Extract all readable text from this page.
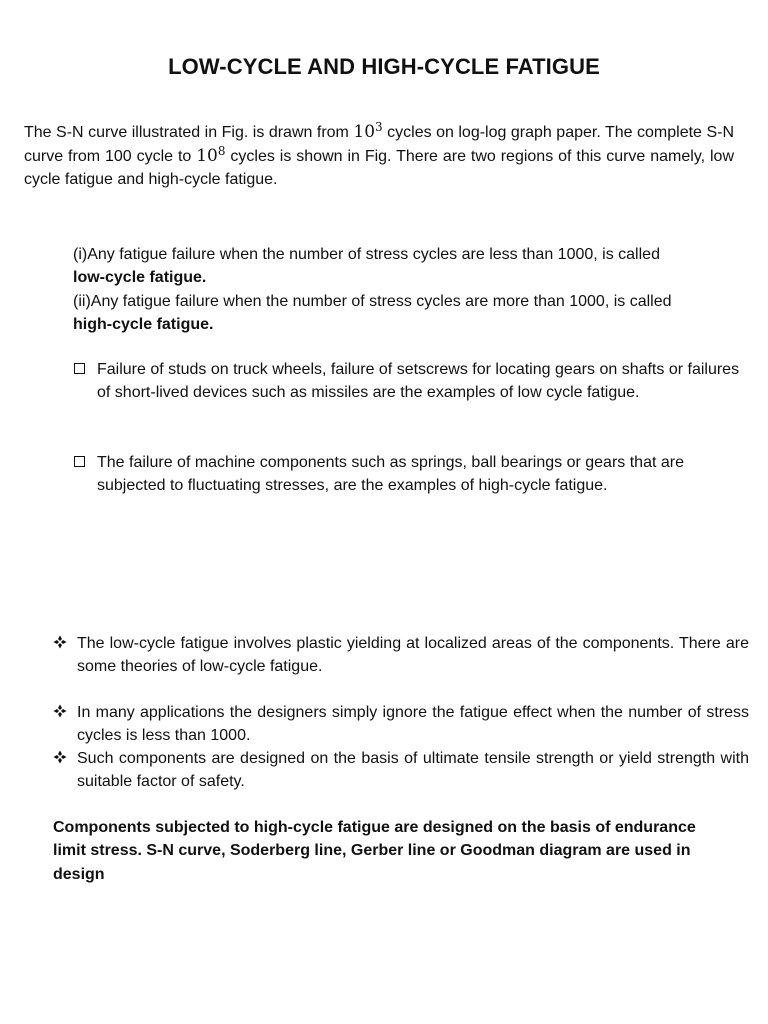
LOW-CYCLE AND HIGH-CYCLE FATIGUE
The S-N curve illustrated in Fig. is drawn from $10^3$ cycles on log-log graph paper. The complete S-N curve from 100 cycle to $10^8$ cycles is shown in Fig. There are two regions of this curve namely, low cycle fatigue and high-cycle fatigue.
(i)Any fatigue failure when the number of stress cycles are less than 1000, is called
low-cycle fatigue.
(ii)Any fatigue failure when the number of stress cycles are more than 1000, is called
high-cycle fatigue.
Failure of studs on truck wheels, failure of setscrews for locating gears on shafts or failures of short-lived devices such as missiles are the examples of low cycle fatigue.
The failure of machine components such as springs, ball bearings or gears that are subjected to fluctuating stresses, are the examples of high-cycle fatigue.
The low-cycle fatigue involves plastic yielding at localized areas of the components. There are some theories of low-cycle fatigue.
In many applications the designers simply ignore the fatigue effect when the number of stress cycles is less than 1000.
Such components are designed on the basis of ultimate tensile strength or yield strength with suitable factor of safety.
Components subjected to high-cycle fatigue are designed on the basis of endurance limit stress. S-N curve, Soderberg line, Gerber line or Goodman diagram are used in design
